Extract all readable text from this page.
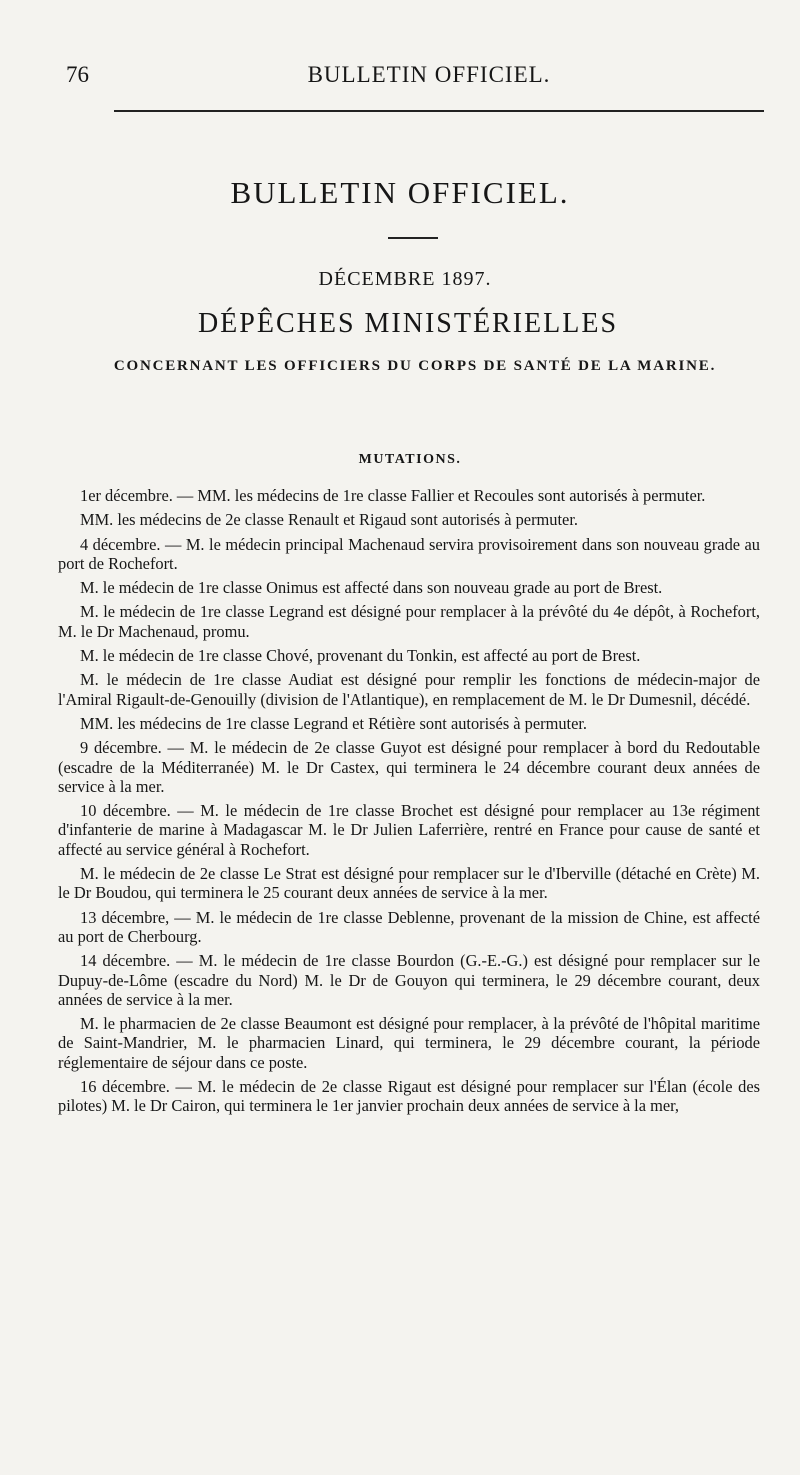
76	BULLETIN OFFICIEL.
BULLETIN OFFICIEL.
DÉCEMBRE 1897.
DÉPÊCHES MINISTÉRIELLES
CONCERNANT LES OFFICIERS DU CORPS DE SANTÉ DE LA MARINE.
MUTATIONS.

1er décembre. — MM. les médecins de 1re classe Fallier et Recoules sont autorisés à permuter.

MM. les médecins de 2e classe Renault et Rigaud sont autorisés à permuter.

4 décembre. — M. le médecin principal Machenaud servira provisoirement dans son nouveau grade au port de Rochefort.

M. le médecin de 1re classe Onimus est affecté dans son nouveau grade au port de Brest.

M. le médecin de 1re classe Legrand est désigné pour remplacer à la prévôté du 4e dépôt, à Rochefort, M. le Dr Machenaud, promu.

M. le médecin de 1re classe Chové, provenant du Tonkin, est affecté au port de Brest.

M. le médecin de 1re classe Audiat est désigné pour remplir les fonctions de médecin-major de l'Amiral Rigault-de-Genouilly (division de l'Atlantique), en remplacement de M. le Dr Dumesnil, décédé.

MM. les médecins de 1re classe Legrand et Rétière sont autorisés à permuter.

9 décembre. — M. le médecin de 2e classe Guyot est désigné pour remplacer à bord du Redoutable (escadre de la Méditerranée) M. le Dr Castex, qui terminera le 24 décembre courant deux années de service à la mer.

10 décembre. — M. le médecin de 1re classe Brochet est désigné pour remplacer au 13e régiment d'infanterie de marine à Madagascar M. le Dr Julien Laferrière, rentré en France pour cause de santé et affecté au service général à Rochefort.

M. le médecin de 2e classe Le Strat est désigné pour remplacer sur le d'Iberville (détaché en Crète) M. le Dr Boudou, qui terminera le 25 courant deux années de service à la mer.

13 décembre, — M. le médecin de 1re classe Deblenne, provenant de la mission de Chine, est affecté au port de Cherbourg.

14 décembre. — M. le médecin de 1re classe Bourdon (G.-E.-G.) est désigné pour remplacer sur le Dupuy-de-Lôme (escadre du Nord) M. le Dr de Gouyon qui terminera, le 29 décembre courant, deux années de service à la mer.

M. le pharmacien de 2e classe Beaumont est désigné pour remplacer, à la prévôté de l'hôpital maritime de Saint-Mandrier, M. le pharmacien Linard, qui terminera, le 29 décembre courant, la période réglementaire de séjour dans ce poste.

16 décembre. — M. le médecin de 2e classe Rigaut est désigné pour remplacer sur l'Élan (école des pilotes) M. le Dr Cairon, qui terminera le 1er janvier prochain deux années de service à la mer,
